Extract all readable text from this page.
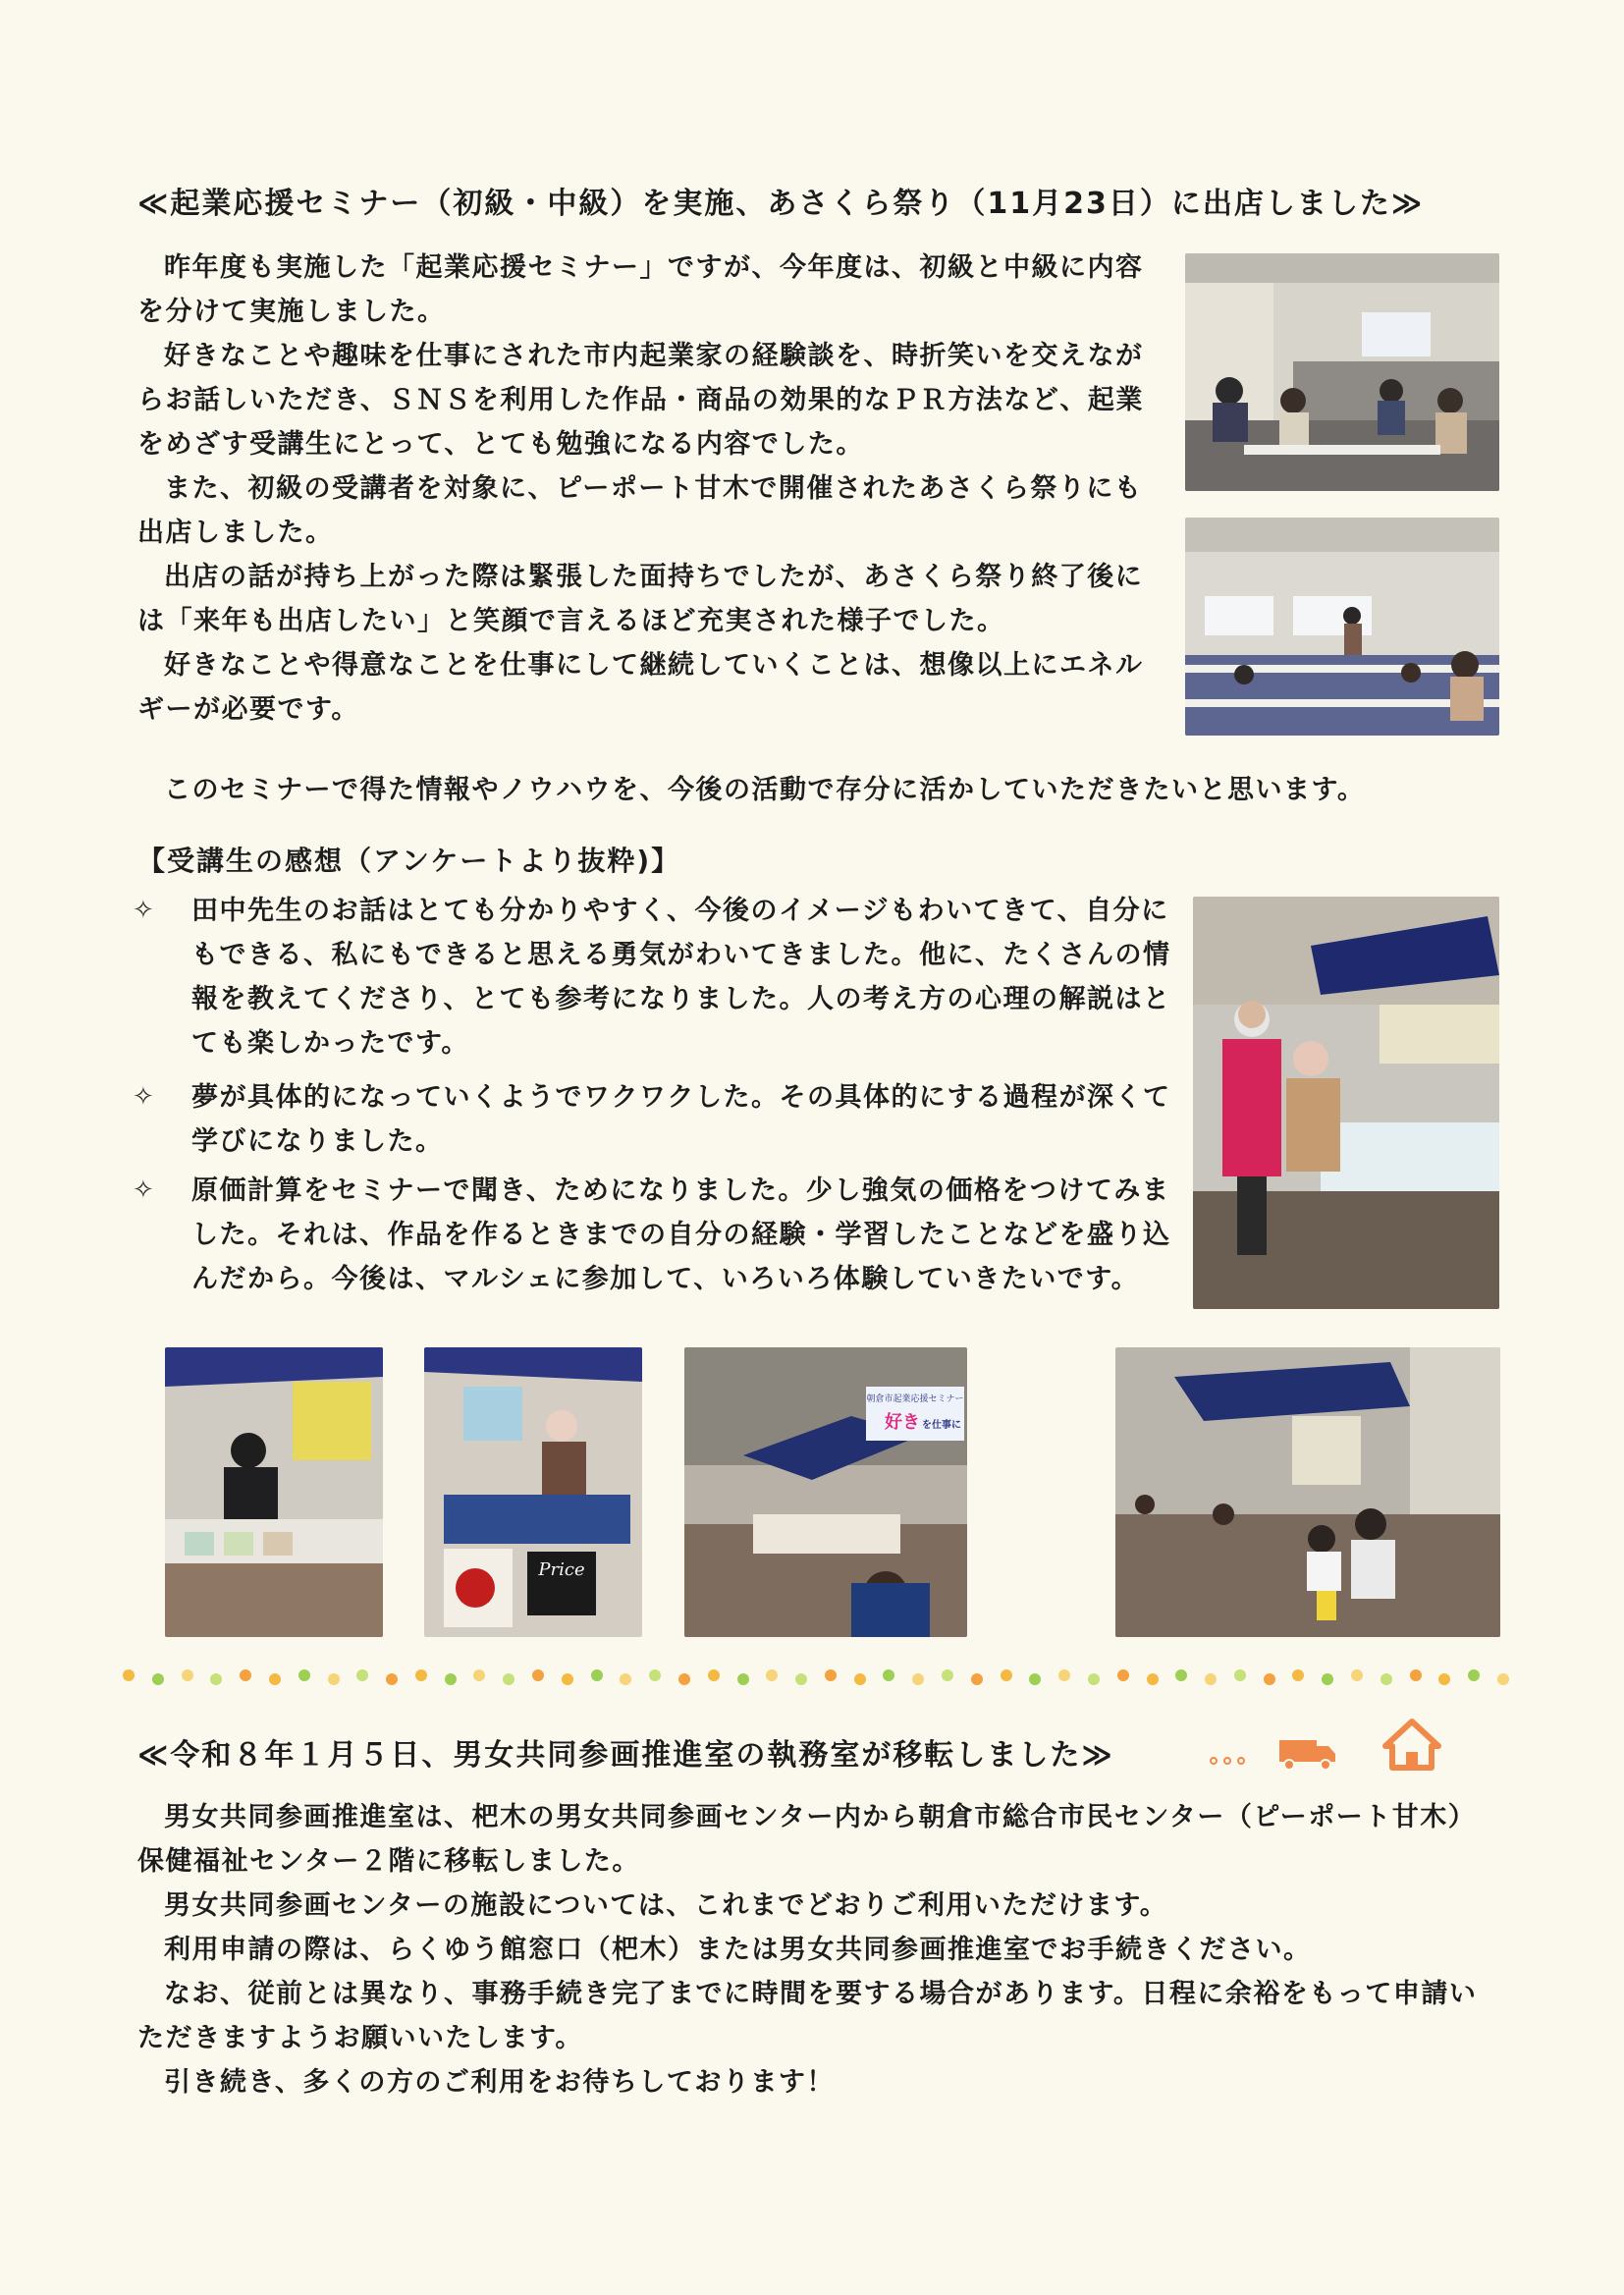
≪起業応援セミナー（初級・中級）を実施、あさくら祭り（11月23日）に出店しました≫

昨年度も実施した「起業応援セミナー」ですが、今年度は、初級と中級に内容を分けて実施しました。

好きなことや趣味を仕事にされた市内起業家の経験談を、時折笑いを交えながらお話しいただき、ＳＮＳを利用した作品・商品の効果的なＰＲ方法など、起業をめざす受講生にとって、とても勉強になる内容でした。

また、初級の受講者を対象に、ピーポート甘木で開催されたあさくら祭りにも出店しました。

出店の話が持ち上がった際は緊張した面持ちでしたが、あさくら祭り終了後には「来年も出店したい」と笑顔で言えるほど充実された様子でした。

好きなことや得意なことを仕事にして継続していくことは、想像以上にエネルギーが必要です。

このセミナーで得た情報やノウハウを、今後の活動で存分に活かしていただきたいと思います。

【受講生の感想（アンケートより抜粋)】
✧ 田中先生のお話はとても分かりやすく、今後のイメージもわいてきて、自分にもできる、私にもできると思える勇気がわいてきました。他に、たくさんの情報を教えてくださり、とても参考になりました。人の考え方の心理の解説はとても楽しかったです。
✧ 夢が具体的になっていくようでワクワクした。その具体的にする過程が深くて学びになりました。
✧ 原価計算をセミナーで聞き、ためになりました。少し強気の価格をつけてみました。それは、作品を作るときまでの自分の経験・学習したことなどを盛り込んだから。今後は、マルシェに参加して、いろいろ体験していきたいです。
Price
朝倉市起業応援セミナー
好き を仕事に
≪令和８年１月５日、男女共同参画推進室の執務室が移転しました≫

男女共同参画推進室は、杷木の男女共同参画センター内から朝倉市総合市民センター（ピーポート甘木）保健福祉センター２階に移転しました。

男女共同参画センターの施設については、これまでどおりご利用いただけます。

利用申請の際は、らくゆう館窓口（杷木）または男女共同参画推進室でお手続きください。

なお、従前とは異なり、事務手続き完了までに時間を要する場合があります。日程に余裕をもって申請いただきますようお願いいたします。

引き続き、多くの方のご利用をお待ちしております！
